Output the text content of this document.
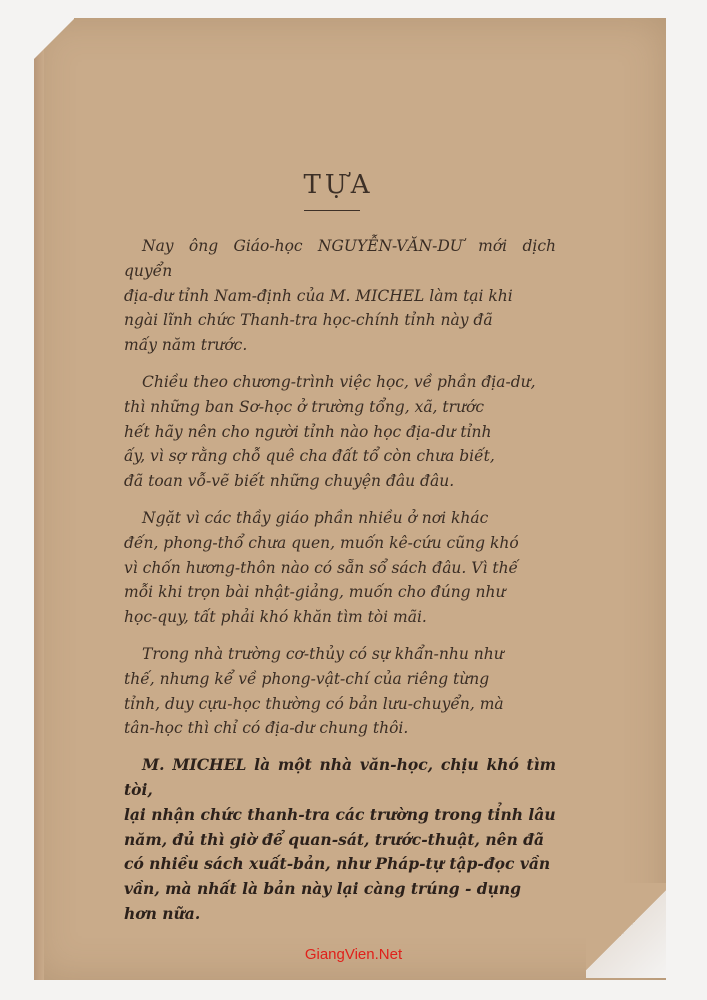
TỰA
Nay ông Giáo-học NGUYỄN-VĂN-DƯ mới dịch quyển
địa-dư tỉnh Nam-định của M. MICHEL làm tại khi
ngài lĩnh chức Thanh-tra học-chính tỉnh này đã
mấy năm trước.
Chiều theo chương-trình việc học, về phần địa-dư,
thì những ban Sơ-học ở trường tổng, xã, trước
hết hãy nên cho người tỉnh nào học địa-dư tỉnh
ấy, vì sợ rằng chỗ quê cha đất tổ còn chưa biết,
đã toan vỗ-vẽ biết những chuyện đâu đâu.
Ngặt vì các thầy giáo phần nhiều ở nơi khác
đến, phong-thổ chưa quen, muốn kê-cứu cũng khó
vì chốn hương-thôn nào có sẵn sổ sách đâu. Vì thế
mỗi khi trọn bài nhật-giảng, muốn cho đúng như
học-quy, tất phải khó khăn tìm tòi mãi.
Trong nhà trường cơ-thủy có sự khẩn-nhu như
thế, nhưng kể về phong-vật-chí của riêng từng
tỉnh, duy cựu-học thường có bản lưu-chuyển, mà
tân-học thì chỉ có địa-dư chung thôi.
M. MICHEL là một nhà văn-học, chịu khó tìm tòi,
lại nhận chức thanh-tra các trường trong tỉnh lâu
năm, đủ thì giờ để quan-sát, trước-thuật, nên đã
có nhiều sách xuất-bản, như Pháp-tự tập-đọc vần
vần, mà nhất là bản này lại càng trúng - dụng
hơn nữa.
GiangVien.Net
